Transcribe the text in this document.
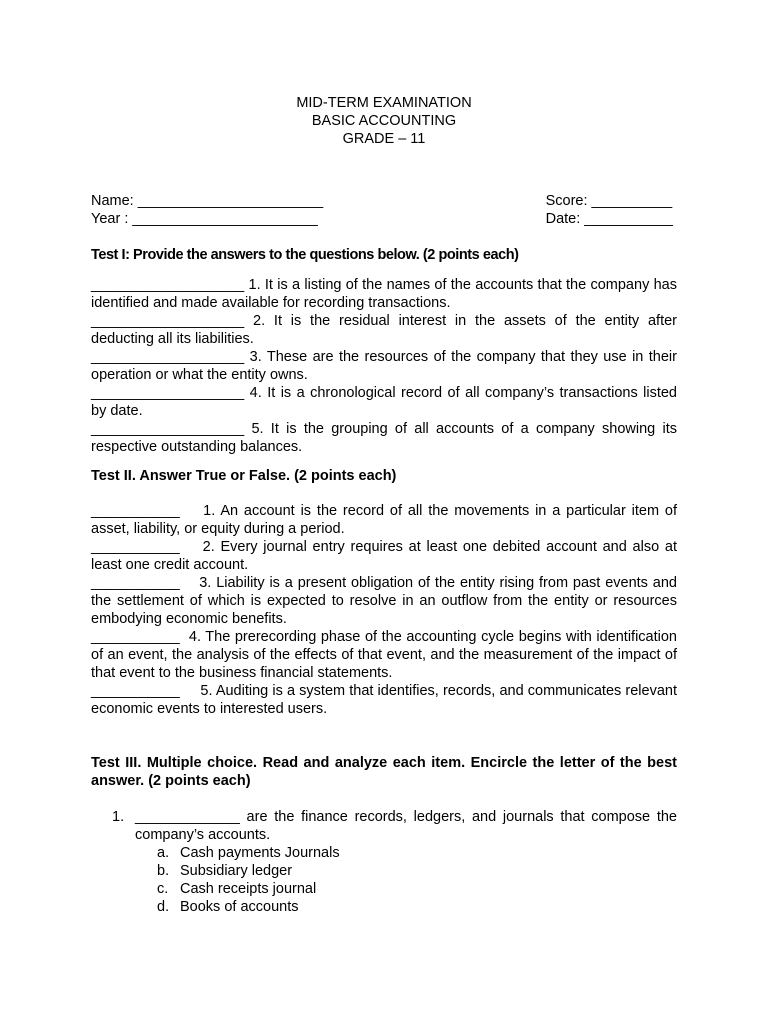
MID-TERM EXAMINATION
BASIC ACCOUNTING
GRADE – 11
Name: _______________________
Year : _______________________
Score: __________
Date: ___________
Test I: Provide the answers to the questions below. (2 points each)
___________________ 1. It is a listing of the names of the accounts that the company has identified and made available for recording transactions.
___________________ 2. It is the residual interest in the assets of the entity after deducting all its liabilities.
___________________ 3. These are the resources of the company that they use in their operation or what the entity owns.
___________________ 4. It is a chronological record of all company’s transactions listed by date.
___________________ 5. It is the grouping of all accounts of a company showing its respective outstanding balances.
Test II. Answer True or False. (2 points each)
___________    1. An account is the record of all the movements in a particular item of asset, liability, or equity during a period.
___________    2. Every journal entry requires at least one debited account and also at least one credit account.
___________    3. Liability is a present obligation of the entity rising from past events and the settlement of which is expected to resolve in an outflow from the entity or resources embodying economic benefits.
___________  4. The prerecording phase of the accounting cycle begins with identification of an event, the analysis of the effects of that event, and the measurement of the impact of that event to the business financial statements.
___________     5. Auditing is a system that identifies, records, and communicates relevant economic events to interested users.
Test III. Multiple choice. Read and analyze each item. Encircle the letter of the best answer. (2 points each)
1. _____________ are the finance records, ledgers, and journals that compose the company’s accounts.
a. Cash payments Journals
b. Subsidiary ledger
c. Cash receipts journal
d. Books of accounts
